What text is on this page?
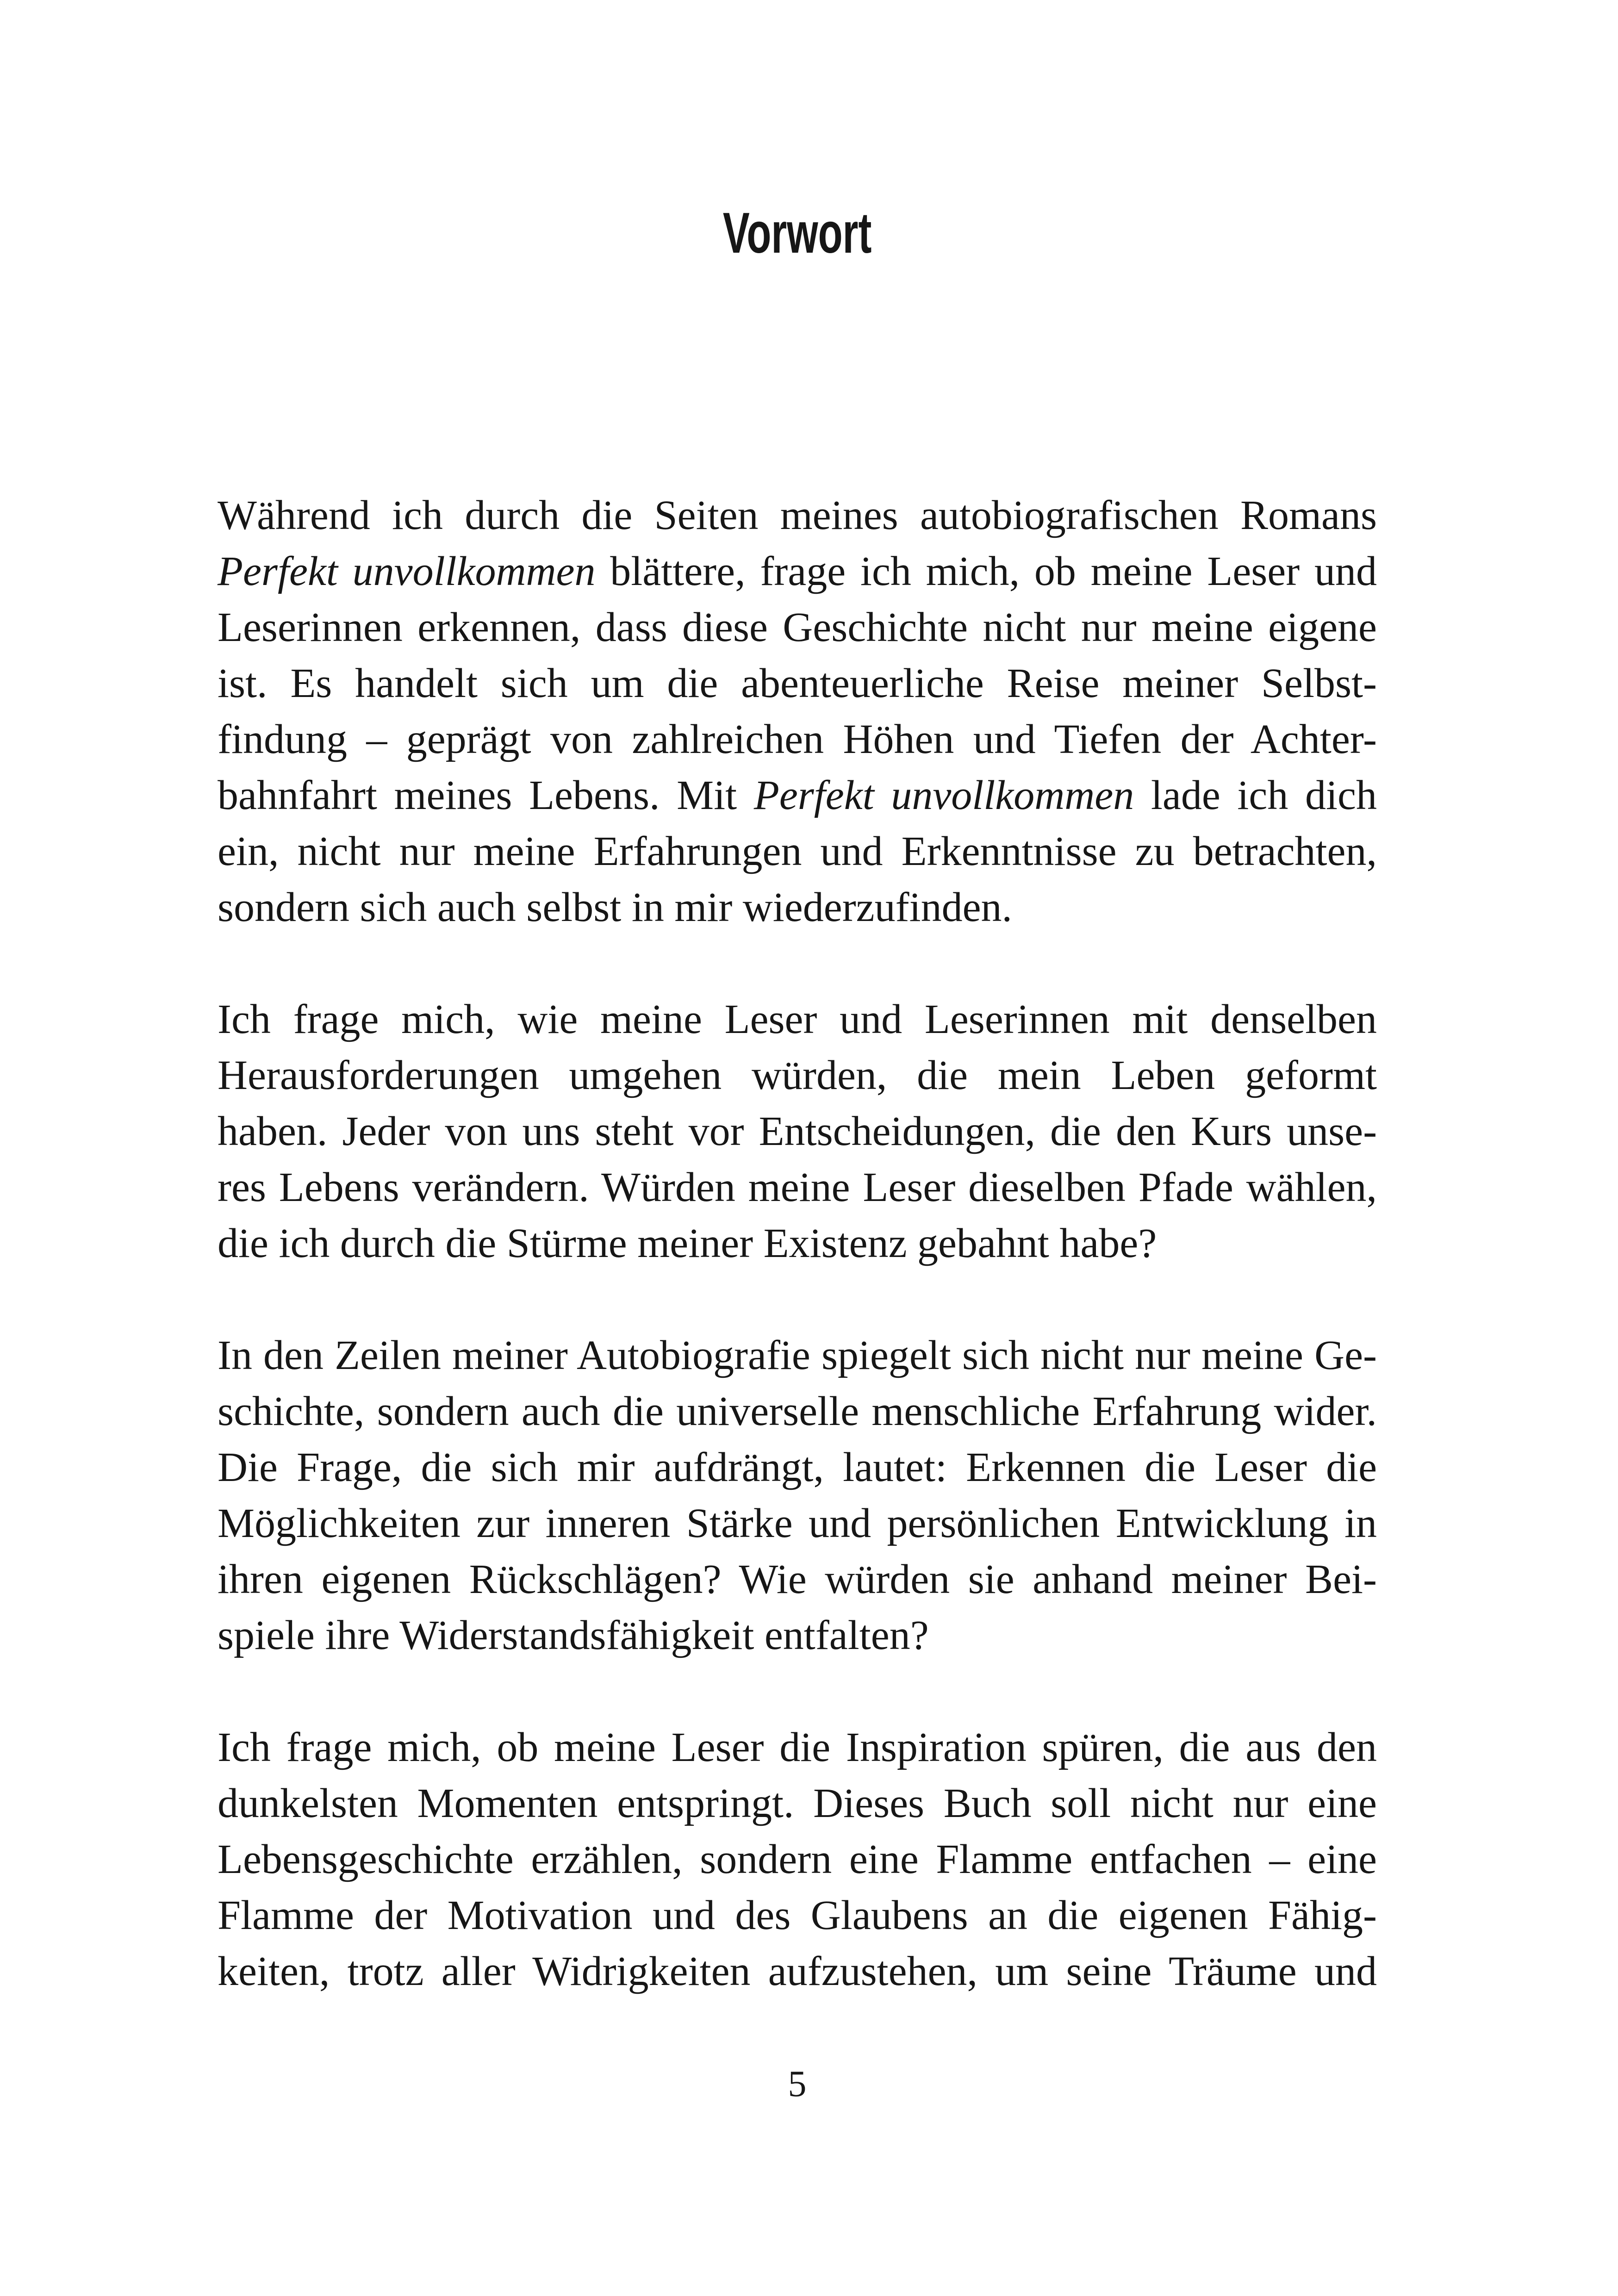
Vorwort
Während ich durch die Seiten meines autobiografischen Romans
Perfekt unvollkommen blättere, frage ich mich, ob meine Leser und
Leserinnen erkennen, dass diese Geschichte nicht nur meine eigene
ist. Es handelt sich um die abenteuerliche Reise meiner Selbst-
findung – geprägt von zahlreichen Höhen und Tiefen der Achter-
bahnfahrt meines Lebens. Mit Perfekt unvollkommen lade ich dich
ein, nicht nur meine Erfahrungen und Erkenntnisse zu betrachten,
sondern sich auch selbst in mir wiederzufinden.
Ich frage mich, wie meine Leser und Leserinnen mit denselben
Herausforderungen umgehen würden, die mein Leben geformt
haben. Jeder von uns steht vor Entscheidungen, die den Kurs unse-
res Lebens verändern. Würden meine Leser dieselben Pfade wählen,
die ich durch die Stürme meiner Existenz gebahnt habe?
In den Zeilen meiner Autobiografie spiegelt sich nicht nur meine Ge-
schichte, sondern auch die universelle menschliche Erfahrung wider.
Die Frage, die sich mir aufdrängt, lautet: Erkennen die Leser die
Möglichkeiten zur inneren Stärke und persönlichen Entwicklung in
ihren eigenen Rückschlägen? Wie würden sie anhand meiner Bei-
spiele ihre Widerstandsfähigkeit entfalten?
Ich frage mich, ob meine Leser die Inspiration spüren, die aus den
dunkelsten Momenten entspringt. Dieses Buch soll nicht nur eine
Lebensgeschichte erzählen, sondern eine Flamme entfachen – eine
Flamme der Motivation und des Glaubens an die eigenen Fähig-
keiten, trotz aller Widrigkeiten aufzustehen, um seine Träume und
5
